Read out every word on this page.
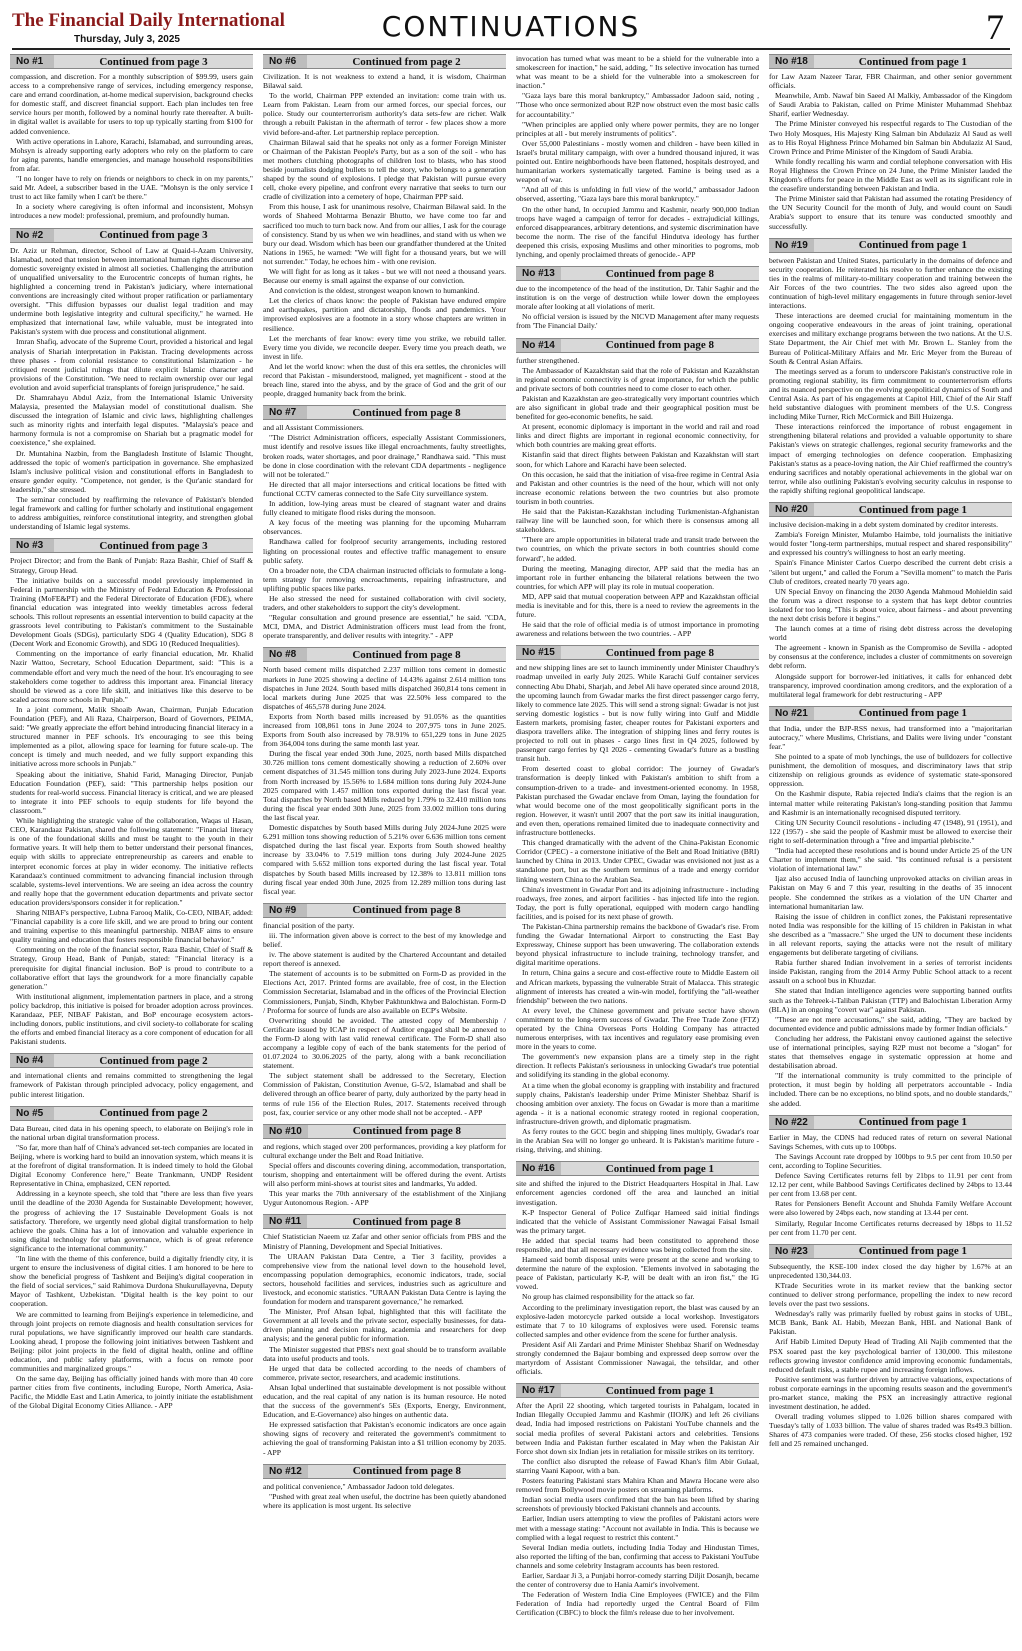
The Financial Daily International
Thursday, July 3, 2025	CONTINUATIONS	7
No #1	Continued from page 3

compassion, and discretion. For a monthly subscription of $99.99, users gain access to a comprehensive range of services, including emergency response, care and errand coordination, at-home medical supervision, background checks for domestic staff, and discreet financial support. Each plan includes ten free service hours per month, followed by a nominal hourly rate thereafter. A built-in digital wallet is available for users to top up typically starting from $100 for added convenience.

With active operations in Lahore, Karachi, Islamabad, and surrounding areas, Mohsyn is already supporting early adopters who rely on the platform to care for aging parents, handle emergencies, and manage household responsibilities from afar.

"I no longer have to rely on friends or neighbors to check in on my parents," said Mr. Adeel, a subscriber based in the UAE. "Mohsyn is the only service I trust to act like family when I can't be there."

In a society where caregiving is often informal and inconsistent, Mohsyn introduces a new model: professional, premium, and profoundly human.

No #2	Continued from page 3

Dr. Aziz ur Rehman, director, School of Law at Quaid-i-Azam University, Islamabad, noted that tension between international human rights discourse and domestic sovereignty existed in almost all societies. Challenging the attribution of unqualified universality to the Eurocentric concepts of human rights, he highlighted a concerning trend in Pakistan's judiciary, where international conventions are increasingly cited without proper ratification or parliamentary oversight. "This diffusion bypasses our dualist legal tradition and may undermine both legislative integrity and cultural specificity," he warned. He emphasized that international law, while valuable, must be integrated into Pakistan's system with due process and constitutional alignment.

Imran Shafiq, advocate of the Supreme Court, provided a historical and legal analysis of Shariah interpretation in Pakistan. Tracing developments across three phases - from colonial resistance to constitutional Islamization - he critiqued recent judicial rulings that dilute explicit Islamic character and provisions of the Constitution. "We need to reclaim ownership over our legal evolution and avoid superficial transplants of foreign jurisprudence," he said.

Dr. Shamrahayu Abdul Aziz, from the International Islamic University Malaysia, presented the Malaysian model of constitutional dualism. She discussed the integration of Islamic and civic laws, highlighting challenges such as minority rights and interfaith legal disputes. "Malaysia's peace and harmony formula is not a compromise on Shariah but a pragmatic model for coexistence," she explained.

Dr. Muntahina Nazbin, from the Bangladesh Institute of Islamic Thought, addressed the topic of women's participation in governance. She emphasized Islam's inclusive political vision and constitutional efforts in Bangladesh to ensure gender equity. "Competence, not gender, is the Qur'anic standard for leadership," she stressed.

The seminar concluded by reaffirming the relevance of Pakistan's blended legal framework and calling for further scholarly and institutional engagement to address ambiguities, reinforce constitutional integrity, and strengthen global understanding of Islamic legal systems.

No #3	Continued from page 3

Project Director; and from the Bank of Punjab: Raza Bashir, Chief of Staff & Strategy, Group Head.

The initiative builds on a successful model previously implemented in Federal in partnership with the Ministry of Federal Education & Professional Training (MoFE&PT) and the Federal Directorate of Education (FDE), where financial education was integrated into weekly timetables across federal schools. This rollout represents an essential intervention to build capacity at the grassroots level contributing to Pakistan's commitment to the Sustainable Development Goals (SDGs), particularly SDG 4 (Quality Education), SDG 8 (Decent Work and Economic Growth), and SDG 10 (Reduced Inequalities).

Commenting on the importance of early financial education, Mr. Khalid Nazir Wattoo, Secretary, School Education Department, said: "This is a commendable effort and very much the need of the hour. It's encouraging to see stakeholders come together to address this important area. Financial literacy should be viewed as a core life skill, and initiatives like this deserve to be scaled across more schools in Punjab."

In a joint comment, Malik Shoaib Awan, Chairman, Punjab Education Foundation (PEF), and Ali Raza, Chairperson, Board of Governors, PEIMA, said: "We greatly appreciate the effort behind introducing financial literacy in a structured manner in PEF schools. It's encouraging to see this being implemented as a pilot, allowing space for learning for future scale-up. The concept is timely and much needed, and we fully support expanding this initiative across more schools in Punjab."

Speaking about the initiative, Shahid Farid, Managing Director, Punjab Education Foundation (PEF), said: "This partnership helps position our students for real-world success. Financial literacy is critical, and we are pleased to integrate it into PEF schools to equip students for life beyond the classroom."

While highlighting the strategic value of the collaboration, Waqas ul Hasan, CEO, Karandaaz Pakistan, shared the following statement: "Financial literacy is one of the foundational skills and must be taught to the youth in their formative years. It will help them to better understand their personal finances, equip with skills to appreciate entrepreneurship as careers and enable to interpret economic forces at play in wider economy. The initiative reflects Karandaaz's continued commitment to advancing financial inclusion through scalable, systems-level interventions. We are seeing an idea across the country and really hope that the government education departments and private sector education providers/sponsors consider it for replication."

Sharing NIBAF's perspective, Lubna Farooq Malik, Co-CEO, NIBAF, added: "Financial capability is a core life skill, and we are proud to bring our content and training expertise to this meaningful partnership. NIBAF aims to ensure quality training and education that fosters responsible financial behavior."

Commenting on the role of the financial sector, Raza Bashir, Chief of Staff & Strategy, Group Head, Bank of Punjab, stated: "Financial literacy is a prerequisite for digital financial inclusion. BoP is proud to contribute to a collaborative effort that lays the groundwork for a more financially capable generation."

With institutional alignment, implementation partners in place, and a strong policy backdrop, this initiative is poised for broader adoption across provinces. Karandaaz, PEF, NIBAF Pakistan, and BoP encourage ecosystem actors-including donors, public institutions, and civil society-to collaborate for scaling the efforts and embed financial literacy as a core component of education for all Pakistani students.

No #4	Continued from page 2

and international clients and remains committed to strengthening the legal framework of Pakistan through principled advocacy, policy engagement, and public interest litigation.

No #5	Continued from page 2

Data Bureau, cited data in his opening speech, to elaborate on Beijing's role in the national urban digital transformation process.

"So far, more than half of China's advanced set-tech companies are located in Beijing, where is working hard to build an innovation system, which means it is at the forefront of digital transformation. It is indeed timely to hold the Global Digital Economy Conference here," Beate Trankmann, UNDP Resident Representative in China, emphasized, CEN reported.

Addressing in a keynote speech, she told that "there are less than five years until the deadline of the 2030 Agenda for Sustainable Development; however, the progress of achieving the 17 Sustainable Development Goals is not satisfactory. Therefore, we urgently need global digital transformation to help achieve the goals. China has a lot of innovation and valuable experience in using digital technology for urban governance, which is of great reference significance to the international community."

"In line with the theme of this conference, build a digitally friendly city, it is urgent to ensure the inclusiveness of digital cities. I am honored to be here to show the beneficial progress of Tashkent and Beijing's digital cooperation in the field of social services," said Rahimova Durdona Shukurullayevna, Deputy Mayor of Tashkent, Uzbekistan. "Digital health is the key point to our cooperation.

We are committed to learning from Beijing's experience in telemedicine, and through joint projects on remote diagnosis and health consultation services for rural populations, we have significantly improved our health care standards. Looking ahead, I propose the following joint initiatives between Tashkent and Beijing: pilot joint projects in the field of digital health, online and offline education, and public safety platforms, with a focus on remote poor communities and marginalized groups."

On the same day, Beijing has officially joined hands with more than 40 core partner cities from five continents, including Europe, North America, Asia-Pacific, the Middle East and Latin America, to jointly initiate the establishment of the Global Digital Economy Cities Alliance. - APP

No #6	Continued from page 2

Civilization. It is not weakness to extend a hand, it is wisdom, Chairman Bilawal said.

To the world, Chairman PPP extended an invitation: come train with us. Learn from Pakistan. Learn from our armed forces, our special forces, our police. Study our counterterrorism authority's data sets-few are richer. Walk through a rebuilt Pakistan in the aftermath of terror - few places show a more vivid before-and-after. Let partnership replace perception.

Chairman Bilawal said that he speaks not only as a former Foreign Minister or Chairman of the Pakistan People's Party, but as a son of the soil - who has met mothers clutching photographs of children lost to blasts, who has stood beside journalists dodging bullets to tell the story, who belongs to a generation shaped by the sound of explosions. I pledge that Pakistan will pursue every cell, choke every pipeline, and confront every narrative that seeks to turn our cradle of civilization into a cemetery of hope, Chairman PPP said.

From this house, I ask for unanimous resolve, Chairman Bilawal said. In the words of Shaheed Mohtarma Benazir Bhutto, we have come too far and sacrificed too much to turn back now. And from our allies, I ask for the courage of consistency. Stand by us when we win headlines, and stand with us when we bury our dead. Wisdom which has been our grandfather thundered at the United Nations in 1965, he warned: "We will fight for a thousand years, but we will not surrender." Today, he echoes him - with one revision.

We will fight for as long as it takes - but we will not need a thousand years. Because our enemy is small against the expanse of our conviction.

And conviction is the oldest, strongest weapon known to humankind.

Let the clerics of chaos know: the people of Pakistan have endured empire and earthquakes, partition and dictatorship, floods and pandemics. Your improvised explosives are a footnote in a story whose chapters are written in resilience.

Let the merchants of fear know: every time you strike, we rebuild taller. Every time you divide, we reconcile deeper. Every time you preach death, we invest in life.

And let the world know: when the dust of this era settles, the chronicles will record that Pakistan - misunderstood, maligned, yet magnificent - stood at the breach line, stared into the abyss, and by the grace of God and the grit of our people, dragged humanity back from the brink.

No #7	Continued from page 8

and all Assistant Commissioners.

"The District Administration officers, especially Assistant Commissioners, must identify and resolve issues like illegal encroachments, faulty streetlights, broken roads, water shortages, and poor drainage," Randhawa said. "This must be done in close coordination with the relevant CDA departments - negligence will not be tolerated."

He directed that all major intersections and critical locations be fitted with functional CCTV cameras connected to the Safe City surveillance system.

In addition, low-lying areas must be cleared of stagnant water and drains fully cleaned to mitigate flood risks during the monsoon.

A key focus of the meeting was planning for the upcoming Muharram observances.

Randhawa called for foolproof security arrangements, including restored lighting on processional routes and effective traffic management to ensure public safety.

On a broader note, the CDA chairman instructed officials to formulate a long-term strategy for removing encroachments, repairing infrastructure, and uplifting public spaces like parks.

He also stressed the need for sustained collaboration with civil society, traders, and other stakeholders to support the city's development.

"Regular consultation and ground presence are essential," he said. "CDA, MCI, DMA, and District Administration officers must lead from the front, operate transparently, and deliver results with integrity." - APP

No #8	Continued from page 8

North based cement mills dispatched 2.237 million tons cement in domestic markets in June 2025 showing a decline of 14.43% against 2.614 million tons dispatches in June 2024. South based mills dispatched 360,814 tons cement in local markets during June 2025 that was 22.50% less compared to the dispatches of 465,578 during June 2024.

Exports from North based mills increased by 91.05% as the quantities increased from 108,861 tons in June 2024 to 207,975 tons in June 2025. Exports from South also increased by 78.91% to 651,229 tons in June 2025 from 364,004 tons during the same month last year.

During the fiscal year ended 30th June, 2025, north based Mills dispatched 30.726 million tons cement domestically showing a reduction of 2.60% over cement dispatches of 31.545 million tons during July 2023-June 2024. Exports from North increased by 15.56% to 1.684 million tons during July 2024-June 2025 compared with 1.457 million tons exported during the last fiscal year. Total dispatches by North based Mills reduced by 1.79% to 32.410 million tons during the fiscal year ended 30th June, 2025 from 33.002 million tons during the last fiscal year.

Domestic dispatches by South based Mills during July 2024-June 2025 were 6.291 million tons showing reduction of 5.21% over 6.636 million tons cement dispatched during the last fiscal year. Exports from South showed healthy increase by 33.04% to 7.519 million tons during July 2024-June 2025 compared with 5.652 million tons exported during the last fiscal year. Total dispatches by South based Mills increased by 12.38% to 13.811 million tons during fiscal year ended 30th June, 2025 from 12.289 million tons during last fiscal year.

No #9	Continued from page 8

financial position of the party.

iii. The information given above is correct to the best of my knowledge and belief.

iv. The above statement is audited by the Chartered Accountant and detailed report thereof is annexed.

The statement of accounts is to be submitted on Form-D as provided in the Elections Act, 2017. Printed forms are available, free of cost, in the Election Commission Secretariat, Islamabad and in the offices of the Provincial Election Commissioners, Punjab, Sindh, Khyber Pakhtunkhwa and Balochistan. Form-D / Proforma for source of funds are also available on ECP's Website.

Overwriting should be avoided. The attested copy of Membership / Certificate issued by ICAP in respect of Auditor engaged shall be annexed to the Form-D along with last valid renewal certificate. The Form-D shall also accompany a legible copy of each of the bank statements for the period of 01.07.2024 to 30.06.2025 of the party, along with a bank reconciliation statement.

The subject statement shall be addressed to the Secretary, Election Commission of Pakistan, Constitution Avenue, G-5/2, Islamabad and shall be delivered through an office bearer of party, duly authorized by the party head in terms of rule 156 of the Election Rules, 2017. Statements received through post, fax, courier service or any other mode shall not be accepted. - APP

No #10	Continued from page 8

and regions, which staged over 200 performances, providing a key platform for cultural exchange under the Belt and Road Initiative.

Special offers and discounts covering dining, accommodation, transportation, tourism, shopping and entertainment will be offered during the event. Artists will also perform mini-shows at tourist sites and landmarks, Yu added.

This year marks the 70th anniversary of the establishment of the Xinjiang Uygur Autonomous Region. - APP

No #11	Continued from page 8

Chief Statistician Naeem uz Zafar and other senior officials from PBS and the Ministry of Planning, Development and Special Initiatives.

The URAAN Pakistan Data Centre, a Tier 3 facility, provides a comprehensive view from the national level down to the household level, encompassing population demographics, economic indicators, trade, social sectors, household facilities and services, industries such as agriculture and livestock, and economic statistics. "URAAN Pakistan Data Centre is laying the foundation for modern and transparent governance," he remarked.

The Minister, Prof Ahsan Iqbal, highlighted that this will facilitate the Government at all levels and the private sector, especially businesses, for data-driven planning and decision making, academia and researchers for deep analysis; and the general public for information.

The Minister suggested that PBS's next goal should be to transform available data into useful products and tools.

He urged that data be collected according to the needs of chambers of commerce, private sector, researchers, and academic institutions.

Ahsan Iqbal underlined that sustainable development is not possible without education, and the real capital of any nation is its human resource. He noted that the success of the government's 5Es (Exports, Energy, Environment, Education, and E-Governance) also hinges on authentic data.

He expressed satisfaction that Pakistan's economic indicators are once again showing signs of recovery and reiterated the government's commitment to achieving the goal of transforming Pakistan into a $1 trillion economy by 2035. - APP

No #12	Continued from page 8

and political convenience," Ambassador Jadoon told delegates.

"Pushed with great zeal when useful, the doctrine has been quietly abandoned where its application is most urgent. Its selective

invocation has turned what was meant to be a shield for the vulnerable into a smokescreen for inaction," he said, adding, " Its selective invocation has turned what was meant to be a shield for the vulnerable into a smokescreen for inaction."

"Gaza lays bare this moral bankruptcy," Ambassador Jadoon said, noting , "Those who once sermonized about R2P now obstruct even the most basic calls for accountability."

"When principles are applied only where power permits, they are no longer principles at all - but merely instruments of politics".

Over 55,000 Palestinians - mostly women and children - have been killed in Israel's brutal military campaign, with over a hundred thousand injured, it was pointed out. Entire neighborhoods have been flattened, hospitals destroyed, and humanitarian workers systematically targeted. Famine is being used as a weapon of war.

"And all of this is unfolding in full view of the world," ambassador Jadoon observed, asserting, "Gaza lays bare this moral bankruptcy."

On the other hand, In occupied Jammu and Kashmir, nearly 900,000 Indian troops have waged a campaign of terror for decades - extrajudicial killings, enforced disappearances, arbitrary detentions, and systemic discrimination have become the norm. The rise of the fanciful Hindutva ideology has further deepened this crisis, exposing Muslims and other minorities to pogroms, mob lynching, and openly proclaimed threats of genocide.- APP

No #13	Continued from page 8

due to the incompetence of the head of the institution, Dr. Tahir Saghir and the institution is on the verge of destruction while lower down the employees morale after looking at all violations of merit.

No official version is issued by the NICVD Management after many requests from 'The Financial Daily.'

No #14	Continued from page 8

further strengthened.

The Ambassador of Kazakhstan said that the role of Pakistan and Kazakhstan in regional economic connectivity is of great importance, for which the public and private sectors of both countries need to come closer to each other.

Pakistan and Kazakhstan are geo-strategically very important countries which are also significant in global trade and their geographical position must be benefited for geo-economic benefits, he said.

At present, economic diplomacy is important in the world and rail and road links and direct flights are important in regional economic connectivity, for which both countries are making great efforts.

Kistanfin said that direct flights between Pakistan and Kazakhstan will start soon, for which Lahore and Karachi have been selected.

On this occasion, he said that the initiation of visa-free regime in Central Asia and Pakistan and other countries is the need of the hour, which will not only increase economic relations between the two countries but also promote tourism in both countries.

He said that the Pakistan-Kazakhstan including Turkmenistan-Afghanistan railway line will be launched soon, for which there is consensus among all stakeholders.

"There are ample opportunities in bilateral trade and transit trade between the two countries, on which the private sectors in both countries should come forward", he added.

During the meeting, Managing director, APP said that the media has an important role in further enhancing the bilateral relations between the two countries, for which APP will play its role in mutual cooperation.

MD, APP said that mutual cooperation between APP and Kazakhstan official media is inevitable and for this, there is a need to review the agreements in the future.

He said that the role of official media is of utmost importance in promoting awareness and relations between the two countries. - APP

No #15	Continued from page 8

and new shipping lines are set to launch imminently under Minister Chaudhry's roadmap unveiled in early July 2025. While Karachi Gulf container services connecting Abu Dhabi, Sharjah, and Jebel Ali have operated since around 2018, the upcoming launch from Gwadar marks the first direct passenger cargo ferry, likely to commence late 2025. This will send a strong signal: Gwadar is not just serving domestic logistics - but is now fully wiring into Gulf and Middle Eastern markets, promising faster, cheaper routes for Pakistani exporters and diaspora travellers alike. The integration of shipping lines and ferry routes is projected to roll out in phases - cargo lines first in Q4 2025, followed by passenger cargo ferries by Q1 2026 - cementing Gwadar's future as a bustling transit hub.

From deserted coast to global corridor: The journey of Gwadar's transformation is deeply linked with Pakistan's ambition to shift from a consumption-driven to a trade- and investment-oriented economy. In 1958, Pakistan purchased the Gwadar enclave from Oman, laying the foundation for what would become one of the most geopolitically significant ports in the region. However, it wasn't until 2007 that the port saw its initial inauguration, and even then, operations remained limited due to inadequate connectivity and infrastructure bottlenecks.

This changed dramatically with the advent of the China-Pakistan Economic Corridor (CPEC) - a cornerstone initiative of the Belt and Road Initiative (BRI) launched by China in 2013. Under CPEC, Gwadar was envisioned not just as a standalone port, but as the southern terminus of a trade and energy corridor linking western China to the Arabian Sea.

China's investment in Gwadar Port and its adjoining infrastructure - including roadways, free zones, and airport facilities - has injected life into the region. Today, the port is fully operational, equipped with modern cargo handling facilities, and is poised for its next phase of growth.

The Pakistan-China partnership remains the backbone of Gwadar's rise. From funding the Gwadar International Airport to constructing the East Bay Expressway, Chinese support has been unwavering. The collaboration extends beyond physical infrastructure to include training, technology transfer, and digital maritime operations.

In return, China gains a secure and cost-effective route to Middle Eastern oil and African markets, bypassing the vulnerable Strait of Malacca. This strategic alignment of interests has created a win-win model, fortifying the "all-weather friendship" between the two nations.

At every level, the Chinese government and private sector have shown commitment to the long-term success of Gwadar. The Free Trade Zone (FTZ) operated by the China Overseas Ports Holding Company has attracted numerous enterprises, with tax incentives and regulatory ease promising even more in the years to come.

The government's new expansion plans are a timely step in the right direction. It reflects Pakistan's seriousness in unlocking Gwadar's true potential and solidifying its standing in the global economy.

At a time when the global economy is grappling with instability and fractured supply chains, Pakistan's leadership under Prime Minister Shehbaz Sharif is choosing ambition over anxiety. The focus on Gwadar is more than a maritime agenda - it is a national economic strategy rooted in regional cooperation, infrastructure-driven growth, and diplomatic pragmatism.

As ferry routes to the GCC begin and shipping lines multiply, Gwadar's roar in the Arabian Sea will no longer go unheard. It is Pakistan's maritime future - rising, thriving, and shining.

No #16	Continued from page 1

site and shifted the injured to the District Headquarters Hospital in Jhal. Law enforcement agencies cordoned off the area and launched an initial investigation.

K-P Inspector General of Police Zulfiqar Hameed said initial findings indicated that the vehicle of Assistant Commissioner Nawagai Faisal Ismail was the primary target.

He added that special teams had been constituted to apprehend those responsible, and that all necessary evidence was being collected from the site.

Hameed said bomb disposal units were present at the scene and working to determine the nature of the explosion. "Elements involved in sabotaging the peace of Pakistan, particularly K-P, will be dealt with an iron fist," the IG vowed.

No group has claimed responsibility for the attack so far.

According to the preliminary investigation report, the blast was caused by an explosive-laden motorcycle parked outside a local workshop. Investigators estimate that 7 to 10 kilograms of explosives were used. Forensic teams collected samples and other evidence from the scene for further analysis.

President Asif Ali Zardari and Prime Minister Shehbaz Sharif on Wednesday strongly condemned the Bajaur bombing and expressed deep sorrow over the martyrdom of Assistant Commissioner Nawagai, the tehsildar, and other officials.

No #17	Continued from page 1

After the April 22 shooting, which targeted tourists in Pahalgam, located in Indian Illegally Occupied Jammu and Kashmir (IIOJK) and left 26 civilians dead, India had imposed restrictions on Pakistani YouTube channels and the social media profiles of several Pakistani actors and celebrities. Tensions between India and Pakistan further escalated in May when the Pakistan Air Force shot down six Indian jets in retaliation for missile strikes on its territory.

The conflict also disrupted the release of Fawad Khan's film Abir Gulaal, starring Vaani Kapoor, with a ban.

Posters featuring Pakistani stars Mahira Khan and Mawra Hocane were also removed from Bollywood movie posters on streaming platforms.

Indian social media users confirmed that the ban has been lifted by sharing screenshots of previously blocked Pakistani channels and accounts.

Earlier, Indian users attempting to view the profiles of Pakistani actors were met with a message stating: "Account not available in India. This is because we complied with a legal request to restrict this content."

Several Indian media outlets, including India Today and Hindustan Times, also reported the lifting of the ban, confirming that access to Pakistani YouTube channels and some celebrity Instagram accounts has been restored.

Earlier, Sardaar Ji 3, a Punjabi horror-comedy starring Diljit Dosanjh, became the center of controversy due to Hania Aamir's involvement.

The Federation of Western India Cine Employees (FWICE) and the Film Federation of India had reportedly urged the Central Board of Film Certification (CBFC) to block the film's release due to her involvement.

No #18	Continued from page 1

for Law Azam Nazeer Tarar, FBR Chairman, and other senior government officials.

Meanwhile, Amb. Nawaf bin Saeed Al Malkiy, Ambassador of the Kingdom of Saudi Arabia to Pakistan, called on Prime Minister Muhammad Shehbaz Sharif, earlier Wednesday.

The Prime Minister conveyed his respectful regards to The Custodian of the Two Holy Mosques, His Majesty King Salman bin Abdulaziz Al Saud as well as to His Royal Highness Prince Mohamed bin Salman bin Abdulaziz Al Saud, Crown Prince and Prime Minister of the Kingdom of Saudi Arabia.

While fondly recalling his warm and cordial telephone conversation with His Royal Highness the Crown Prince on 24 June, the Prime Minister lauded the Kingdom's efforts for peace in the Middle East as well as its significant role in the ceasefire understanding between Pakistan and India.

The Prime Minister said that Pakistan had assumed the rotating Presidency of the UN Security Council for the month of July, and would count on Saudi Arabia's support to ensure that its tenure was conducted smoothly and successfully.

No #19	Continued from page 1

between Pakistan and United States, particularly in the domains of defence and security cooperation. He reiterated his resolve to further enhance the existing ties in the realms of military-to-military cooperation and training between the Air Forces of the two countries. The two sides also agreed upon the continuation of high-level military engagements in future through senior-level interactions.

These interactions are deemed crucial for maintaining momentum in the ongoing cooperative endeavours in the areas of joint training, operational exercises and military exchange programs between the two nations. At the U.S. State Department, the Air Chief met with Mr. Brown L. Stanley from the Bureau of Political-Military Affairs and Mr. Eric Meyer from the Bureau of South & Central Asian Affairs.

The meetings served as a forum to underscore Pakistan's constructive role in promoting regional stability, its firm commitment to counterterrorism efforts and its nuanced perspective on the evolving geopolitical dynamics of South and Central Asia. As part of his engagements at Capitol Hill, Chief of the Air Staff held substantive dialogues with prominent members of the U.S. Congress including Mike Turner, Rich McCormick and Bill Huizenga.

These interactions reinforced the importance of robust engagement in strengthening bilateral relations and provided a valuable opportunity to share Pakistan's views on strategic challenges, regional security frameworks and the impact of emerging technologies on defence cooperation. Emphasizing Pakistan's status as a peace-loving nation, the Air Chief reaffirmed the country's enduring sacrifices and notably operational achievements in the global war on terror, while also outlining Pakistan's evolving security calculus in response to the rapidly shifting regional geopolitical landscape.

No #20	Continued from page 1

inclusive decision-making in a debt system dominated by creditor interests.

Zambia's Foreign Minister, Mulambo Haimbe, told journalists the initiative would foster "long-term partnerships, mutual respect and shared responsibility" and expressed his country's willingness to host an early meeting.

Spain's Finance Minister Carlos Cuerpo described the current debt crisis a "silent but urgent," and called the Forum a "Sevilla moment" to match the Paris Club of creditors, created nearly 70 years ago.

UN Special Envoy on financing the 2030 Agenda Mahmoud Mohieldin said the forum was a direct response to a system that has kept debtor countries isolated for too long. "This is about voice, about fairness - and about preventing the next debt crisis before it begins."

The launch comes at a time of rising debt distress across the developing world

The agreement - known in Spanish as the Compromiso de Sevilla - adopted by consensus at the conference, includes a cluster of commitments on sovereign debt reform.

Alongside support for borrower-led initiatives, it calls for enhanced debt transparency, improved coordination among creditors, and the exploration of a multilateral legal framework for debt restructuring - APP

No #21	Continued from page 1

that India, under the BJP-RSS nexus, had transformed into a "majoritarian autocracy," where Muslims, Christians, and Dalits were living under "constant fear."

She pointed to a spate of mob lynchings, the use of bulldozers for collective punishment, the demolition of mosques, and discriminatory laws that strip citizenship on religious grounds as evidence of systematic state-sponsored oppression.

On the Kashmir dispute, Rabia rejected India's claims that the region is an internal matter while reiterating Pakistan's long-standing position that Jammu and Kashmir is an internationally recognised disputed territory.

Citing UN Security Council resolutions - including 47 (1948), 91 (1951), and 122 (1957) - she said the people of Kashmir must be allowed to exercise their right to self-determination through a "free and impartial plebiscite."

"India had accepted these resolutions and is bound under Article 25 of the UN Charter to implement them," she said. "Its continued refusal is a persistent violation of international law."

Ijaz also accused India of launching unprovoked attacks on civilian areas in Pakistan on May 6 and 7 this year, resulting in the deaths of 35 innocent people. She condemned the strikes as a violation of the UN Charter and international humanitarian law.

Raising the issue of children in conflict zones, the Pakistani representative noted India was responsible for the killing of 15 children in Pakistan in what she described as a "massacre." She urged the UN to document these incidents in all relevant reports, saying the attacks were not the result of military engagements but deliberate targeting of civilians.

Rabia further shared Indian involvement in a series of terrorist incidents inside Pakistan, ranging from the 2014 Army Public School attack to a recent assault on a school bus in Khuzdar.

She stated that Indian intelligence agencies were supporting banned outfits such as the Tehreek-i-Taliban Pakistan (TTP) and Balochistan Liberation Army (BLA) in an ongoing "covert war" against Pakistan.

"These are not mere accusations," she said, adding, "They are backed by documented evidence and public admissions made by former Indian officials."

Concluding her address, the Pakistani envoy cautioned against the selective use of international principles, saying R2P must not become a "slogan" for states that themselves engage in systematic oppression at home and destabilisation abroad.

"If the international community is truly committed to the principle of protection, it must begin by holding all perpetrators accountable - India included. There can be no exceptions, no blind spots, and no double standards," she added.

No #22	Continued from page 1

Earlier in May, the CDNS had reduced rates of return on several National Savings Schemes, with cuts up to 100bps.

The Savings Account rate dropped by 100bps to 9.5 per cent from 10.50 per cent, according to Topline Securities.

Defence Saving Certificates returns fell by 21bps to 11.91 per cent from 12.12 per cent, while Bahbood Savings Certificates declined by 24bps to 13.44 per cent from 13.68 per cent.

Rates for Pensioners Benefit Account and Shuhda Family Welfare Account were also lowered by 24bps each, now standing at 13.44 per cent.

Similarly, Regular Income Certificates returns decreased by 18bps to 11.52 per cent from 11.70 per cent.

No #23	Continued from page 1

Subsequently, the KSE-100 index closed the day higher by 1.67% at an unprecedented 130,344.03.

KTrade Securities wrote in its market review that the banking sector continued to deliver strong performance, propelling the index to new record levels over the past two sessions.

Wednesday's rally was primarily fuelled by robust gains in stocks of UBL, MCB Bank, Bank AL Habib, Meezan Bank, HBL and National Bank of Pakistan.

Arif Habib Limited Deputy Head of Trading Ali Najib commented that the PSX soared past the key psychological barrier of 130,000. This milestone reflects growing investor confidence amid improving economic fundamentals, reduced default risks, a stable rupee and increasing foreign inflows.

Positive sentiment was further driven by attractive valuations, expectations of robust corporate earnings in the upcoming results season and the government's pro-market stance, making the PSX an increasingly attractive regional investment destination, he added.

Overall trading volumes slipped to 1.026 billion shares compared with Tuesday's tally of 1.033 billion. The value of shares traded was Rs49.3 billion. Shares of 473 companies were traded. Of these, 256 stocks closed higher, 192 fell and 25 remained unchanged.
